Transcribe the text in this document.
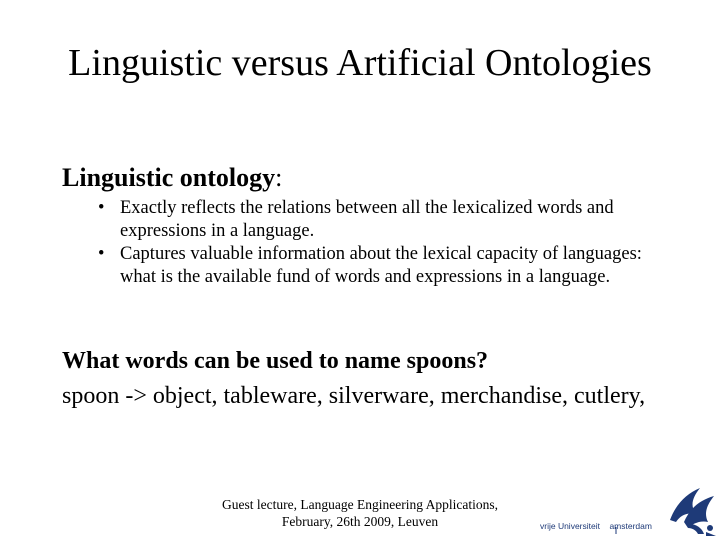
Linguistic versus Artificial Ontologies
Linguistic ontology:
• Exactly reflects the relations between all the lexicalized words and expressions in a language.
• Captures valuable information about the lexical capacity of languages: what is the available fund of words and expressions in a language.
What words can be used to name spoons?
spoon -> object, tableware, silverware, merchandise, cutlery,
Guest lecture, Language Engineering Applications,
February, 26th 2009, Leuven	vrije Universiteit amsterdam
